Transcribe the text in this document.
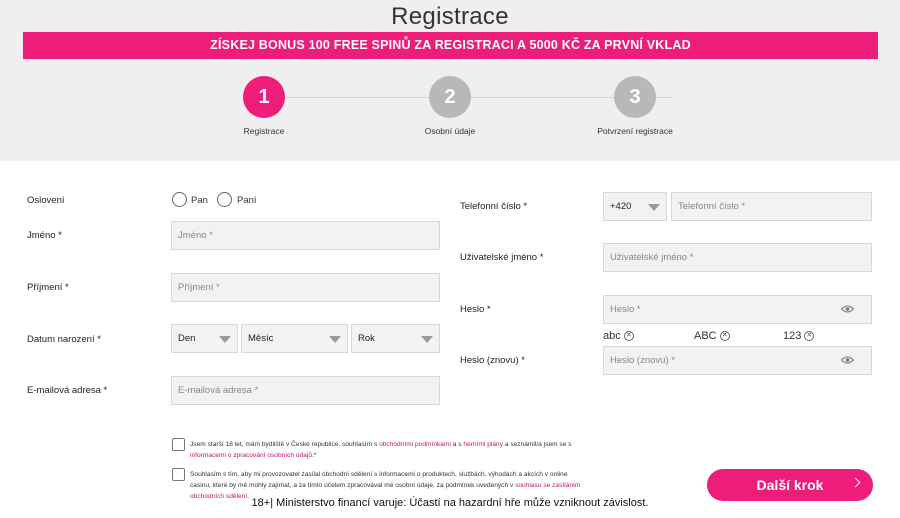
Registrace
ZÍSKEJ BONUS 100 FREE SPINŮ ZA REGISTRACI A 5000 KČ ZA PRVNÍ VKLAD
1
Registrace
2
Osobní údaje
3
Potvrzení registrace
Oslovení	Pan	Paní
Jméno *	Jméno *
Příjmení *	Příjmení *
Datum narození *	Den	Měsíc	Rok
E-mailová adresa *	E-mailová adresa *
Telefonní číslo *	+420	Telefonní číslo *
Uživatelské jméno *	Uživatelské jméno *
Heslo *	Heslo *
abc ✕	ABC ✕	123 ✕
Heslo (znovu) *	Heslo (znovu) *
Jsem starší 18 let, mám bydliště v České republice, souhlasím s obchodními podmínkami a s herními plány a seznámil/a jsem se s
informacemi o zpracování osobních údajů.*
Souhlasím s tím, aby mi provozovatel zasílal obchodní sdělení s informacemi o produktech, službách, výhodách a akcích v online casinu, které by mě mohly zajímat, a za tímto účelem zpracovával mé osobní údaje, za podmínek uvedených v souhlasu se zasíláním obchodních sdělení.
Další krok
18+| Ministerstvo financí varuje: Účastí na hazardní hře může vzniknout závislost.
